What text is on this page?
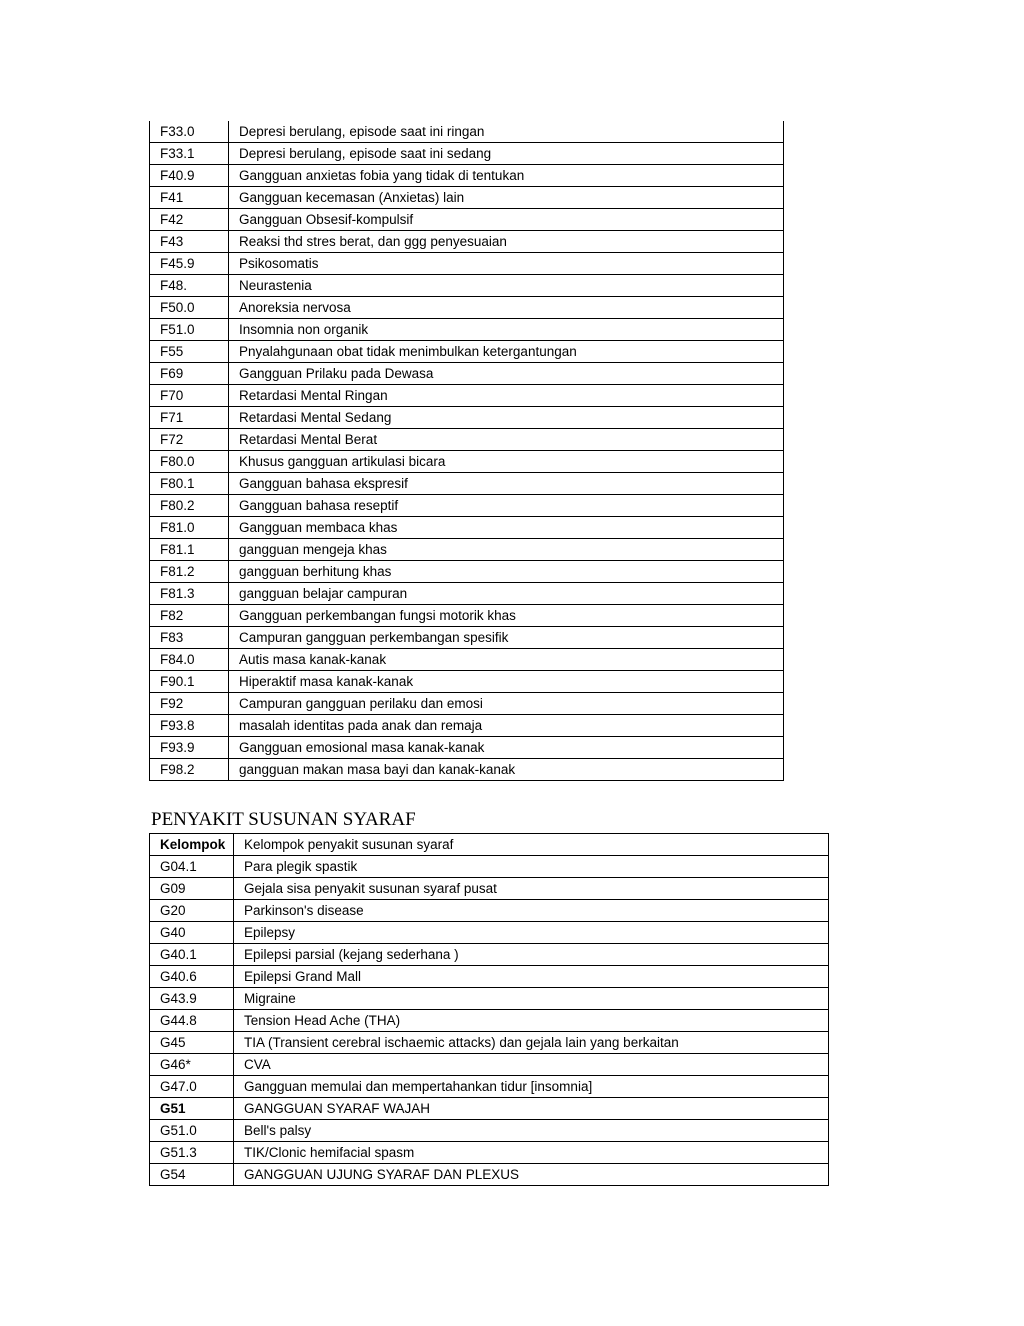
F33.0	Depresi berulang, episode saat ini ringan
F33.1	Depresi berulang, episode saat ini sedang
F40.9	Gangguan anxietas fobia yang tidak di tentukan
F41	Gangguan kecemasan (Anxietas) lain
F42	Gangguan Obsesif-kompulsif
F43	Reaksi thd stres berat, dan ggg penyesuaian
F45.9	Psikosomatis
F48.	Neurastenia
F50.0	Anoreksia nervosa
F51.0	Insomnia non organik
F55	Pnyalahgunaan obat tidak menimbulkan ketergantungan
F69	Gangguan Prilaku pada Dewasa
F70	Retardasi Mental Ringan
F71	Retardasi Mental Sedang
F72	Retardasi Mental Berat
F80.0	Khusus gangguan artikulasi bicara
F80.1	Gangguan bahasa ekspresif
F80.2	Gangguan bahasa reseptif
F81.0	Gangguan membaca khas
F81.1	gangguan mengeja khas
F81.2	gangguan berhitung khas
F81.3	gangguan belajar campuran
F82	Gangguan perkembangan fungsi motorik khas
F83	Campuran gangguan perkembangan spesifik
F84.0	Autis masa kanak-kanak
F90.1	Hiperaktif masa kanak-kanak
F92	Campuran gangguan perilaku dan emosi
F93.8	masalah identitas pada anak dan remaja
F93.9	Gangguan emosional masa kanak-kanak
F98.2	gangguan makan masa bayi dan kanak-kanak
PENYAKIT SUSUNAN SYARAF
Kelompok	Kelompok penyakit susunan syaraf
G04.1	Para plegik spastik
G09	Gejala sisa penyakit susunan syaraf pusat
G20	Parkinson's disease
G40	Epilepsy
G40.1	Epilepsi parsial (kejang sederhana )
G40.6	Epilepsi Grand Mall
G43.9	Migraine
G44.8	Tension Head Ache (THA)
G45	TIA (Transient cerebral ischaemic attacks) dan gejala lain yang berkaitan
G46*	CVA
G47.0	Gangguan memulai dan mempertahankan tidur [insomnia]
G51	GANGGUAN SYARAF WAJAH
G51.0	Bell's palsy
G51.3	TIK/Clonic hemifacial spasm
G54	GANGGUAN UJUNG SYARAF DAN PLEXUS
